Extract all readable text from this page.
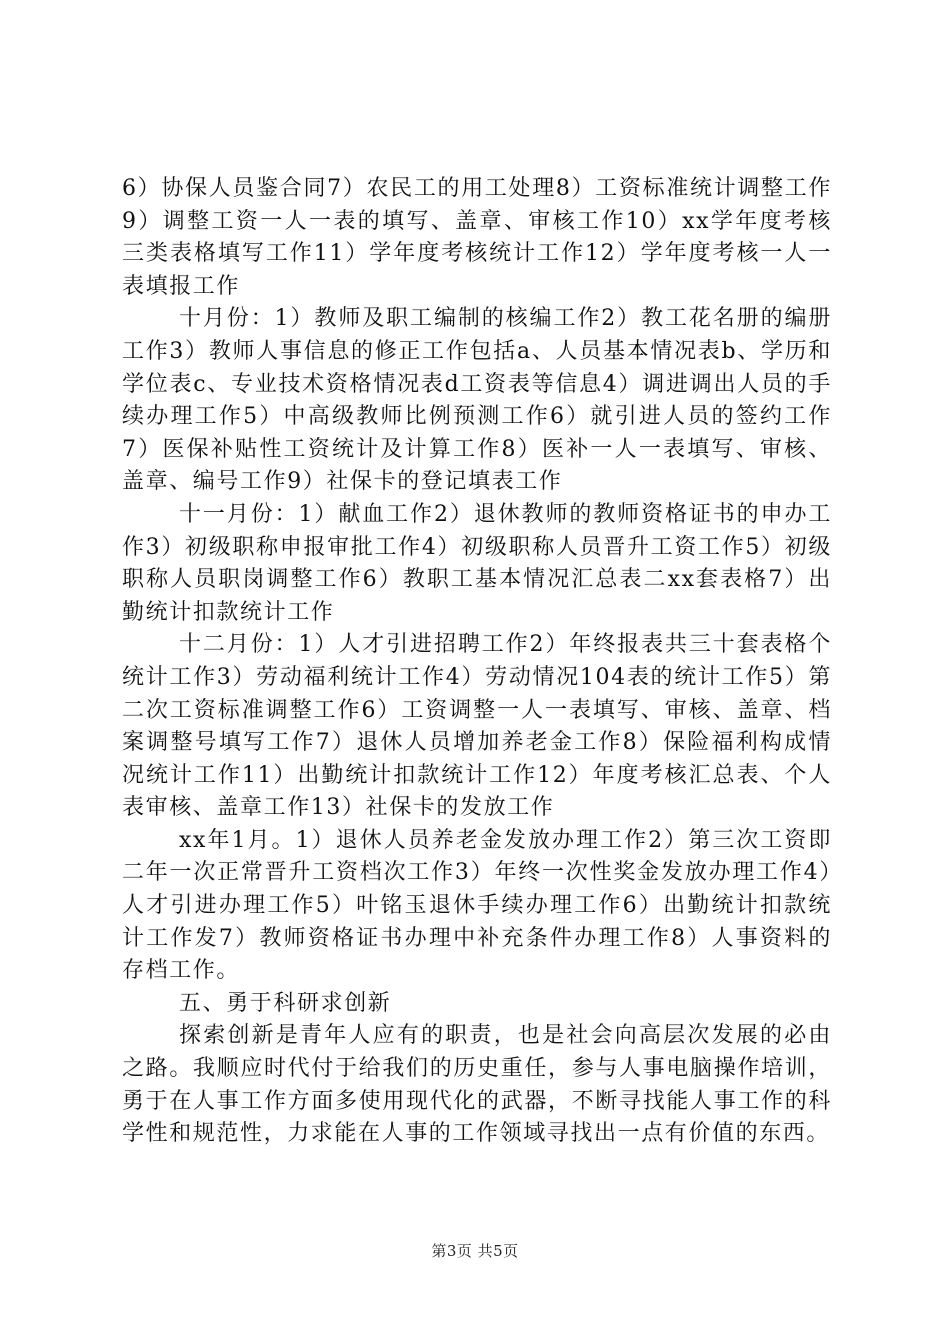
6）协保人员鉴合同7）农民工的用工处理8）工资标准统计调整工作9）调整工资一人一表的填写、盖章、审核工作10）xx学年度考核三类表格填写工作11）学年度考核统计工作12）学年度考核一人一表填报工作

十月份：1）教师及职工编制的核编工作2）教工花名册的编册工作3）教师人事信息的修正工作包括a、人员基本情况表b、学历和学位表c、专业技术资格情况表d工资表等信息4）调进调出人员的手续办理工作5）中高级教师比例预测工作6）就引进人员的签约工作7）医保补贴性工资统计及计算工作8）医补一人一表填写、审核、盖章、编号工作9）社保卡的登记填表工作

十一月份：1）献血工作2）退休教师的教师资格证书的申办工作3）初级职称申报审批工作4）初级职称人员晋升工资工作5）初级职称人员职岗调整工作6）教职工基本情况汇总表二xx套表格7）出勤统计扣款统计工作

十二月份：1）人才引进招聘工作2）年终报表共三十套表格个统计工作3）劳动福利统计工作4）劳动情况104表的统计工作5）第二次工资标准调整工作6）工资调整一人一表填写、审核、盖章、档案调整号填写工作7）退休人员增加养老金工作8）保险福利构成情况统计工作11）出勤统计扣款统计工作12）年度考核汇总表、个人表审核、盖章工作13）社保卡的发放工作

xx年1月。1）退休人员养老金发放办理工作2）第三次工资即二年一次正常晋升工资档次工作3）年终一次性奖金发放办理工作4）人才引进办理工作5）叶铭玉退休手续办理工作6）出勤统计扣款统计工作发7）教师资格证书办理中补充条件办理工作8）人事资料的存档工作。

五、勇于科研求创新

探索创新是青年人应有的职责，也是社会向高层次发展的必由之路。我顺应时代付于给我们的历史重任，参与人事电脑操作培训，勇于在人事工作方面多使用现代化的武器，不断寻找能人事工作的科学性和规范性，力求能在人事的工作领域寻找出一点有价值的东西。

第3页 共5页
